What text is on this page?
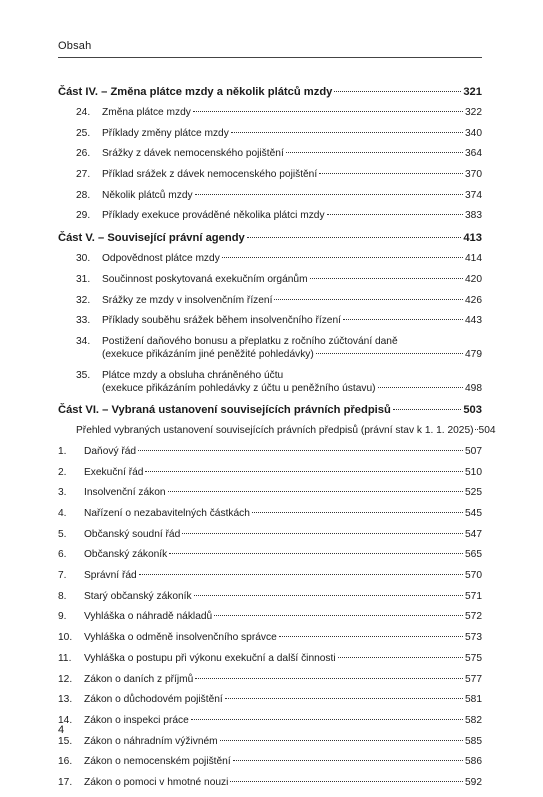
Obsah
Část IV. – Změna plátce mzdy a několik plátců mzdy	321
24.	Změna plátce mzdy	322
25.	Příklady změny plátce mzdy	340
26.	Srážky z dávek nemocenského pojištění	364
27.	Příklad srážek z dávek nemocenského pojištění	370
28.	Několik plátců mzdy	374
29.	Příklady exekuce prováděné několika plátci mzdy	383
Část V. – Související právní agendy	413
30.	Odpovědnost plátce mzdy	414
31.	Součinnost poskytovaná exekučním orgánům	420
32.	Srážky ze mzdy v insolvenčním řízení	426
33.	Příklady souběhu srážek během insolvenčního řízení	443
34.	Postižení daňového bonusu a přeplatku z ročního zúčtování daně
(exekuce přikázáním jiné peněžité pohledávky)	479
35.	Plátce mzdy a obsluha chráněného účtu
(exekuce přikázáním pohledávky z účtu u peněžního ústavu)	498
Část VI. – Vybraná ustanovení souvisejících právních předpisů	503
Přehled vybraných ustanovení souvisejících právních předpisů (právní stav k 1. 1. 2025) 504
1.	Daňový řád	507
2.	Exekuční řád	510
3.	Insolvenční zákon	525
4.	Nařízení o nezabavitelných částkách	545
5.	Občanský soudní řád	547
6.	Občanský zákoník	565
7.	Správní řád	570
8.	Starý občanský zákoník	571
9.	Vyhláška o náhradě nákladů	572
10.	Vyhláška o odměně insolvenčního správce	573
11.	Vyhláška o postupu při výkonu exekuční a další činnosti	575
12.	Zákon o daních z příjmů	577
13.	Zákon o důchodovém pojištění	581
14.	Zákon o inspekci práce	582
15.	Zákon o náhradním výživném	585
16.	Zákon o nemocenském pojištění	586
17.	Zákon o pomoci v hmotné nouzi	592
4
